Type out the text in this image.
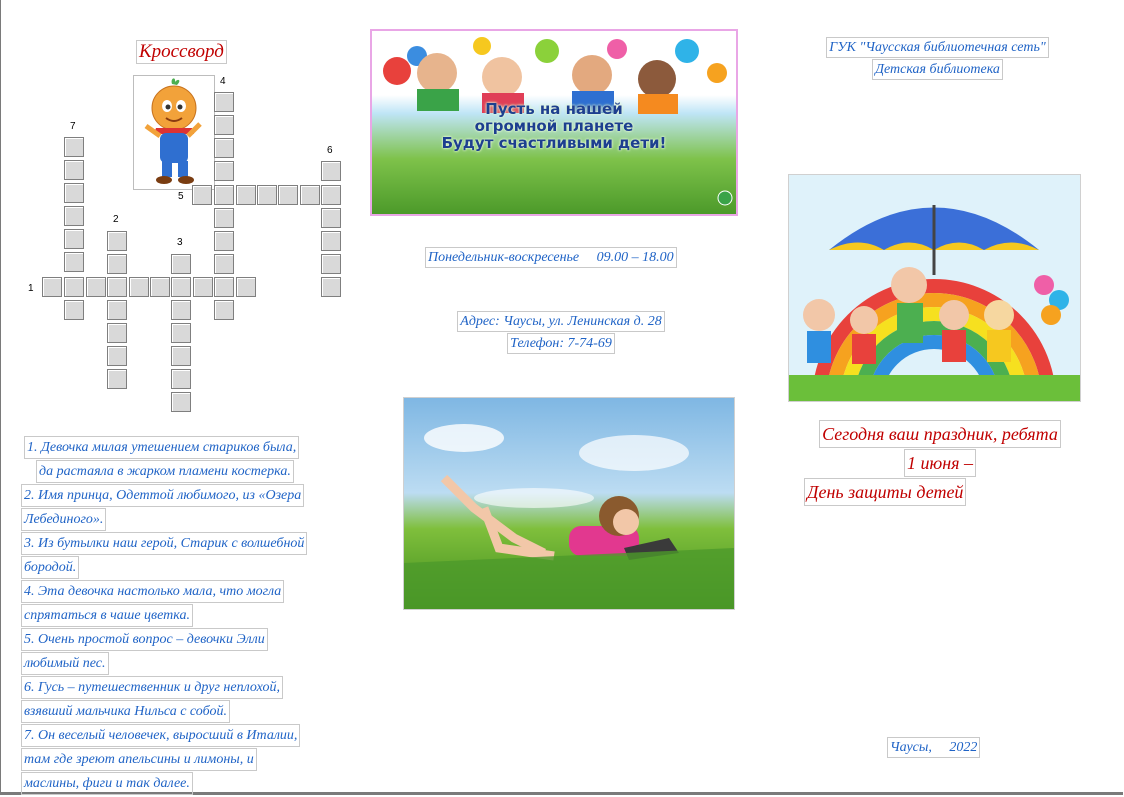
Кроссворд
1
2
3
4
5
6
7
1. Девочка милая утешением стариков была,
да растаяла в жарком пламени костерка.
2. Имя принца, Одеттой любимого, из «Озера
Лебединого».
3. Из бутылки наш герой, Старик с волшебной
бородой.
4. Эта девочка настолько мала, что могла
спрятаться в чаше цветка.
5. Очень простой вопрос – девочки Элли
любимый пес.
6. Гусь – путешественник и друг неплохой,
взявший мальчика Нильса с собой.
7. Он веселый человечек, выросший в Италии,
там где зреют апельсины и лимоны, и
маслины, фиги и так далее.
Пусть на нашей
огромной планете
Будут счастливыми дети!
Понедельник-воскресенье 09.00 – 18.00
Адрес: Чаусы, ул. Ленинская д. 28
Телефон: 7-74-69
ГУК "Чаусская библиотечная сеть"
Детская библиотека
Сегодня ваш праздник, ребята
1 июня –
День защиты детей
Чаусы,     2022
